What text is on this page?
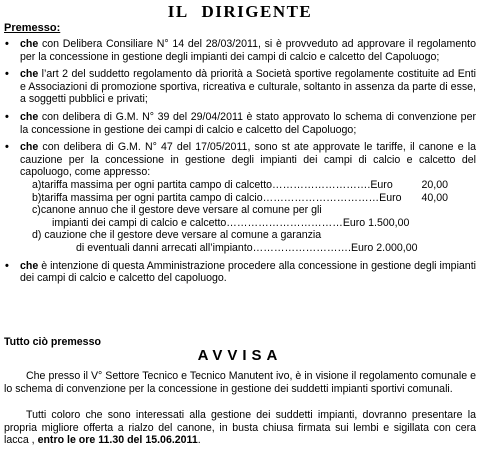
IL DIRIGENTE
Premesso:
• che con Delibera Consiliare N° 14 del 28/03/2011, si è provveduto ad approvare il regolamento per la concessione in gestione degli impianti dei campi di calcio e calcetto del Capoluogo;
• che l’art 2 del suddetto regolamento dà priorità a Società sportive regolamente costituite ad Enti e Associazioni di promozione sportiva, ricreativa e culturale, soltanto in assenza da parte di esse, a soggetti pubblici e privati;
• che con delibera di G.M. N° 39 del 29/04/2011 è stato approvato lo schema di convenzione per la concessione in gestione dei campi di calcio e calcetto del Capoluogo;
• che con delibera di G.M. N° 47 del 17/05/2011, sono st ate approvate le tariffe, il canone e la cauzione per la concessione in gestione degli impianti dei campi di calcio e calcetto del capoluogo, come appresso:
a)tariffa massima per ogni partita campo di calcetto……………………….Euro	20,00
b)tariffa massima per ogni partita campo di calcio……………………………Euro 40,00
c)canone annuo che il gestore deve versare al comune per gli
impianti dei campi di calcio e calcetto……………………………Euro 1.500,00
d) cauzione che il gestore deve versare al comune a garanzia
di eventuali danni arrecati all’impianto……………………….Euro 2.000,00
• che è intenzione di questa Amministrazione procedere alla concessione in gestione degli impianti dei campi di calcio e calcetto del capoluogo.
Tutto ciò premesso
AVVISA
Che presso il V° Settore Tecnico e Tecnico Manutent ivo, è in visione il regolamento comunale e lo schema di convenzione per la concessione in gestione dei suddetti impianti sportivi comunali.
Tutti coloro che sono interessati alla gestione dei suddetti impianti, dovranno presentare la propria migliore offerta a rialzo del canone, in busta chiusa firmata sui lembi e sigillata con cera lacca , entro le ore 11.30 del 15.06.2011.
